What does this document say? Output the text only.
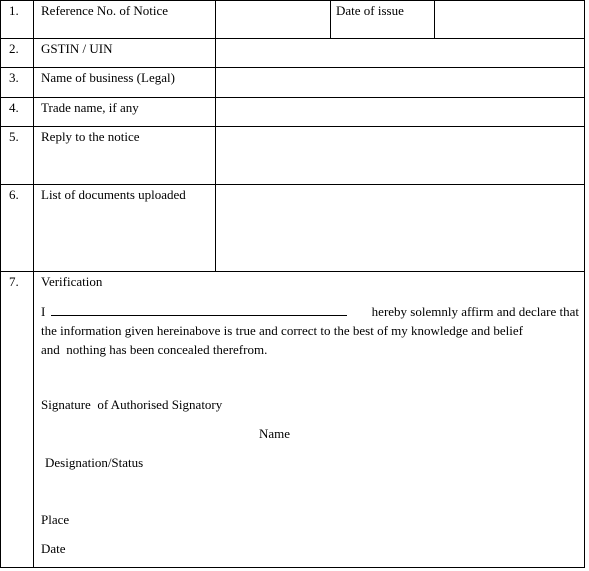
1. Reference No. of Notice	Date of issue
2. GSTIN / UIN
3. Name of business (Legal)
4. Trade name, if any
5. Reply to the notice
6. List of documents uploaded
7. Verification
I	hereby solemnly affirm and declare that
the information given hereinabove is true and correct to the best of my knowledge and belief
and  nothing has been concealed therefrom.
Signature  of Authorised Signatory
Name
Designation/Status
Place
Date
